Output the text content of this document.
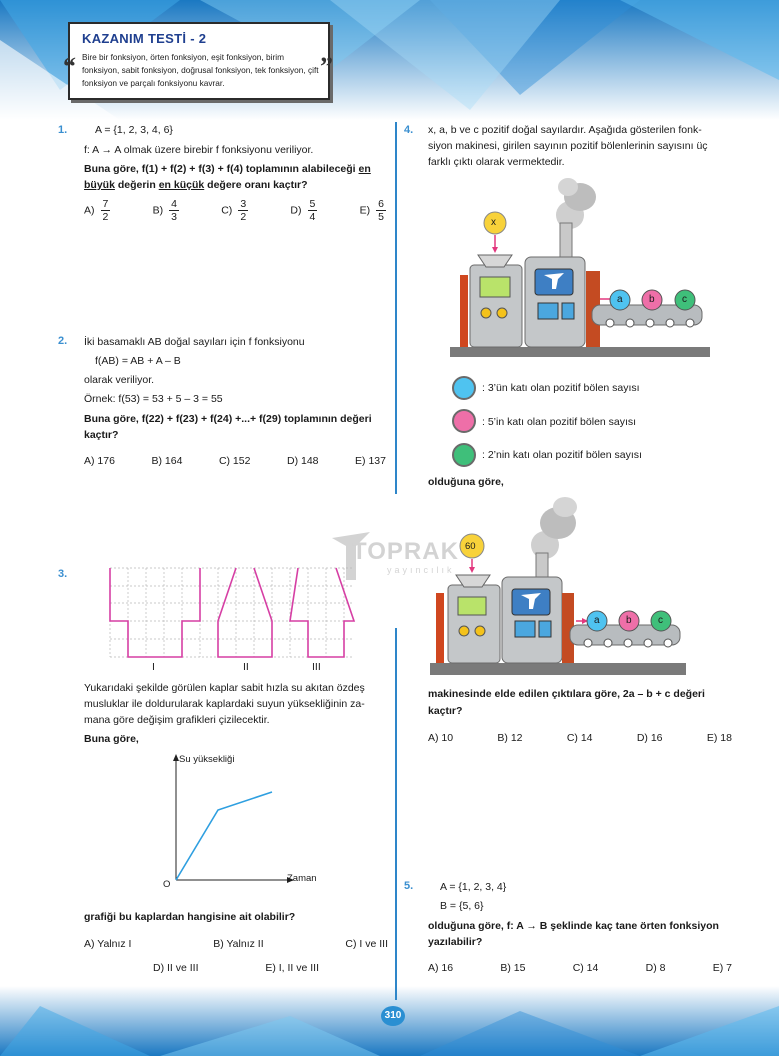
KAZANIM TESTİ - 2
Bire bir fonksiyon, örten fonksiyon, eşit fonksiyon, birim fonksiyon, sabit fonksiyon, doğrusal fonksiyon, tek fonksiyon, çift fonksiyon ve parçalı fonksiyonu kavrar.
“	”
TOPRAK
yayıncılık
1.	A = {1, 2, 3, 4, 6}
f: A → A olmak üzere birebir f fonksiyonu veriliyor.
Buna göre, f(1) + f(2) + f(3) + f(4) toplamının alabileceği en
büyük değerin en küçük değere oranı kaçtır?
$A) \frac{7}{2}$	$B) \frac{4}{3}$	$C) \frac{3}{2}$	$D) \frac{5}{4}$	$E) \frac{6}{5}$
2. İki basamaklı AB doğal sayıları için f fonksiyonu
f(AB) = AB + A – B
olarak veriliyor.
Örnek: f(53) = 53 + 5 – 3 = 55
Buna göre, f(22) + f(23) + f(24) +...+ f(29) toplamının değeri
kaçtır?
A) 176	B) 164	C) 152	D) 148	E) 137
3.
I	II	III
Yukarıdaki şekilde görülen kaplar sabit hızla su akıtan özdeş
musluklar ile doldurularak kaplardaki suyun yüksekliğinin za-
mana göre değişim grafikleri çizilecektir.
Buna göre,
Su yüksekliği
Zaman
O
grafiği bu kaplardan hangisine ait olabilir?
A) Yalnız I	B) Yalnız II	C) I ve III
D) II ve III	E) I, II ve III
4. x, a, b ve c pozitif doğal sayılardır. Aşağıda gösterilen fonk-
siyon makinesi, girilen sayının pozitif bölenlerinin sayısını üç
farklı çıktı olarak vermektedir.
x
a	b	c
: 3’ün katı olan pozitif bölen sayısı
: 5’in katı olan pozitif bölen sayısı
: 2’nin katı olan pozitif bölen sayısı
olduğuna göre,
60
a	b	c
makinesinde elde edilen çıktılara göre, 2a – b + c değeri
kaçtır?
A) 10	B) 12	C) 14	D) 16	E) 18
5.	A = {1, 2, 3, 4}
B = {5, 6}
olduğuna göre, f: A → B şeklinde kaç tane örten fonksiyon
yazılabilir?
A) 16	B) 15	C) 14	D) 8	E) 7
310
